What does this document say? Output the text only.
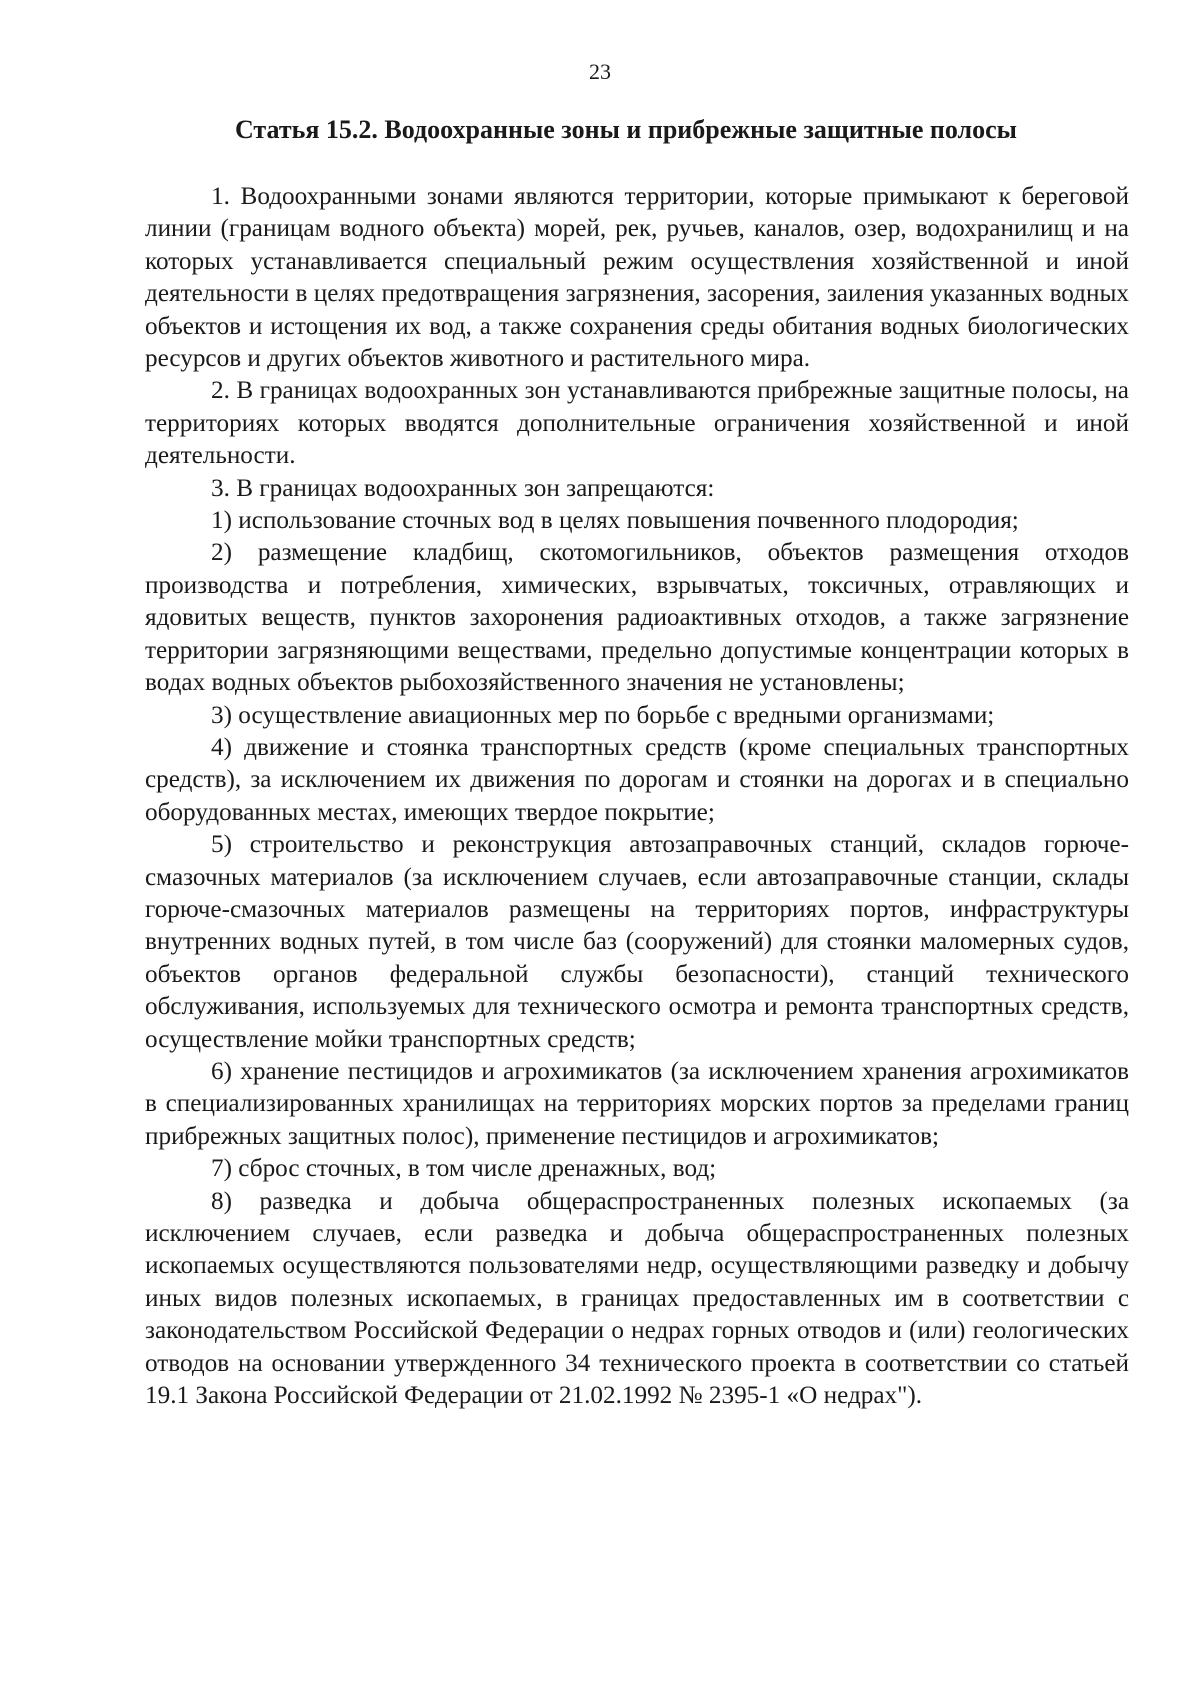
23
Статья 15.2. Водоохранные зоны и прибрежные защитные полосы

1. Водоохранными зонами являются территории, которые примыкают к береговой линии (границам водного объекта) морей, рек, ручьев, каналов, озер, водохранилищ и на которых устанавливается специальный режим осуществления хозяйственной и иной деятельности в целях предотвращения загрязнения, засорения, заиления указанных водных объектов и истощения их вод, а также сохранения среды обитания водных биологических ресурсов и других объектов животного и растительного мира.

2. В границах водоохранных зон устанавливаются прибрежные защитные полосы, на территориях которых вводятся дополнительные ограничения хозяйственной и иной деятельности.

3. В границах водоохранных зон запрещаются:

1) использование сточных вод в целях повышения почвенного плодородия;

2) размещение кладбищ, скотомогильников, объектов размещения отходов производства и потребления, химических, взрывчатых, токсичных, отравляющих и ядовитых веществ, пунктов захоронения радиоактивных отходов, а также загрязнение территории загрязняющими веществами, предельно допустимые концентрации которых в водах водных объектов рыбохозяйственного значения не установлены;

3) осуществление авиационных мер по борьбе с вредными организмами;

4) движение и стоянка транспортных средств (кроме специальных транспортных средств), за исключением их движения по дорогам и стоянки на дорогах и в специально оборудованных местах, имеющих твердое покрытие;

5) строительство и реконструкция автозаправочных станций, складов горюче-смазочных материалов (за исключением случаев, если автозаправочные станции, склады горюче-смазочных материалов размещены на территориях портов, инфраструктуры внутренних водных путей, в том числе баз (сооружений) для стоянки маломерных судов, объектов органов федеральной службы безопасности), станций технического обслуживания, используемых для технического осмотра и ремонта транспортных средств, осуществление мойки транспортных средств;

6) хранение пестицидов и агрохимикатов (за исключением хранения агрохимикатов в специализированных хранилищах на территориях морских портов за пределами границ прибрежных защитных полос), применение пестицидов и агрохимикатов;

7) сброс сточных, в том числе дренажных, вод;

8) разведка и добыча общераспространенных полезных ископаемых (за исключением случаев, если разведка и добыча общераспространенных полезных ископаемых осуществляются пользователями недр, осуществляющими разведку и добычу иных видов полезных ископаемых, в границах предоставленных им в соответствии с законодательством Российской Федерации о недрах горных отводов и (или) геологических отводов на основании утвержденного 34 технического проекта в соответствии со статьей 19.1 Закона Российской Федерации от 21.02.1992 № 2395-1 «О недрах").
